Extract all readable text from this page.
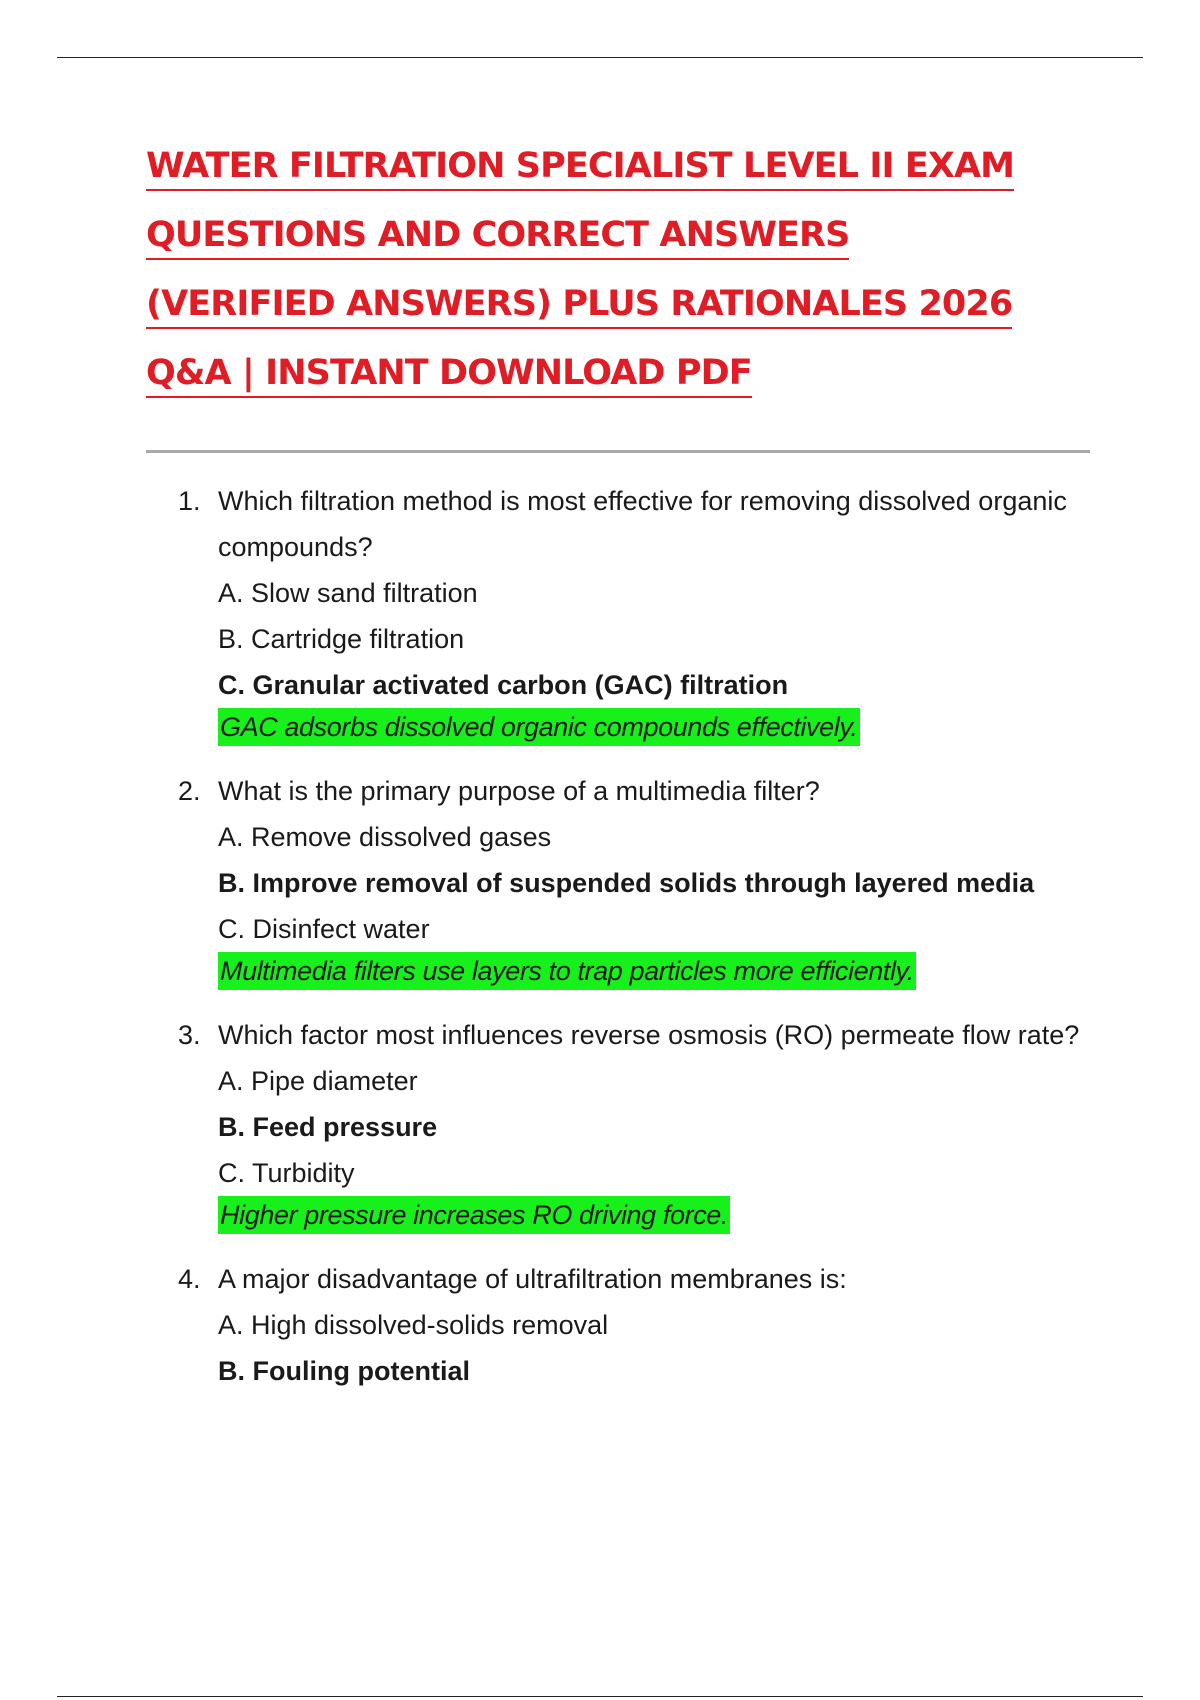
WATER FILTRATION SPECIALIST LEVEL II EXAM
QUESTIONS AND CORRECT ANSWERS
(VERIFIED ANSWERS) PLUS RATIONALES 2026
Q&A | INSTANT DOWNLOAD PDF
1. Which filtration method is most effective for removing dissolved organic compounds?
A. Slow sand filtration
B. Cartridge filtration
C. Granular activated carbon (GAC) filtration
GAC adsorbs dissolved organic compounds effectively.
2. What is the primary purpose of a multimedia filter?
A. Remove dissolved gases
B. Improve removal of suspended solids through layered media
C. Disinfect water
Multimedia filters use layers to trap particles more efficiently.
3. Which factor most influences reverse osmosis (RO) permeate flow rate?
A. Pipe diameter
B. Feed pressure
C. Turbidity
Higher pressure increases RO driving force.
4. A major disadvantage of ultrafiltration membranes is:
A. High dissolved-solids removal
B. Fouling potential
